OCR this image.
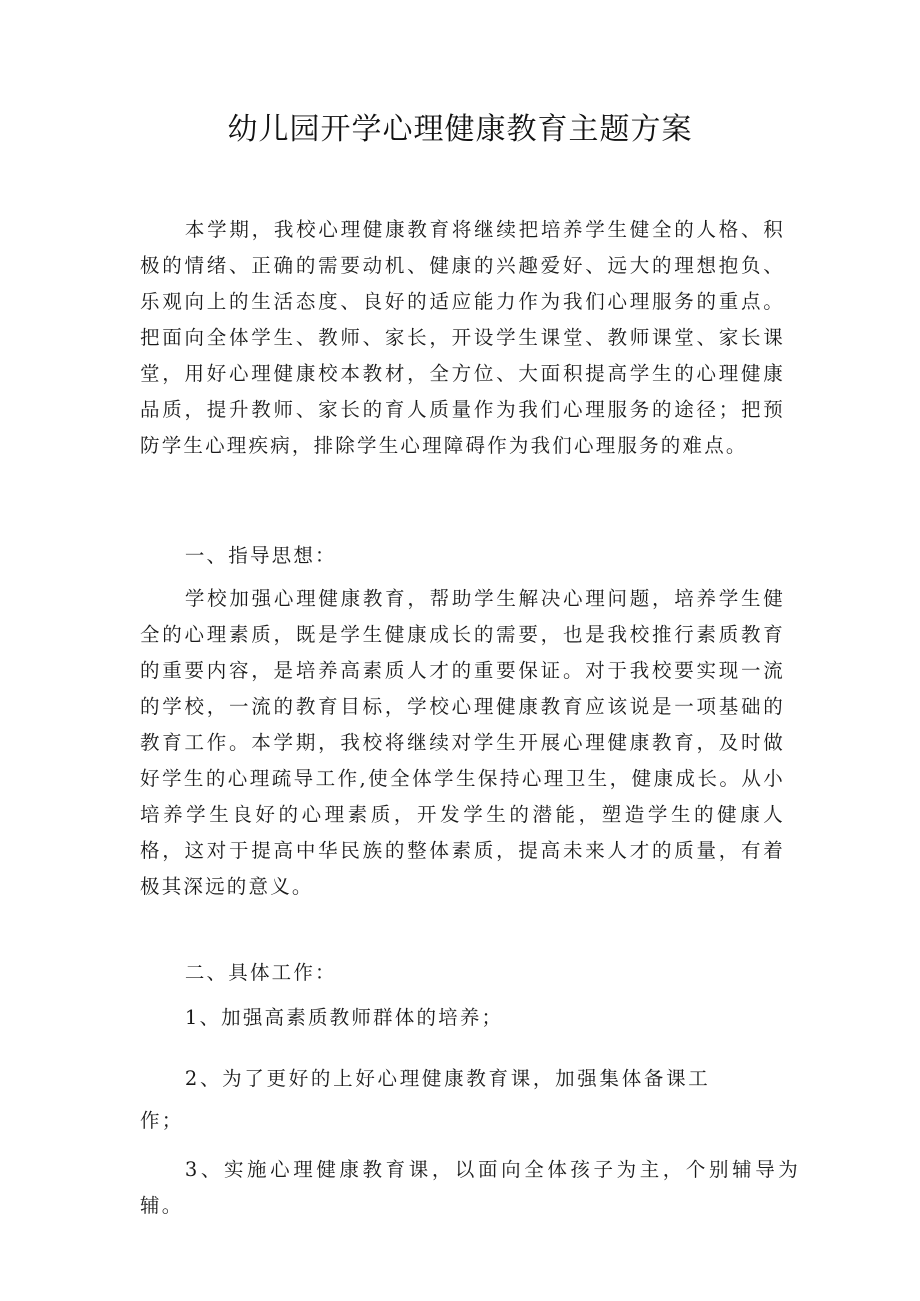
幼儿园开学心理健康教育主题方案

本学期，我校心理健康教育将继续把培养学生健全的人格、积极的情绪、正确的需要动机、健康的兴趣爱好、远大的理想抱负、乐观向上的生活态度、良好的适应能力作为我们心理服务的重点。把面向全体学生、教师、家长，开设学生课堂、教师课堂、家长课堂，用好心理健康校本教材，全方位、大面积提高学生的心理健康品质，提升教师、家长的育人质量作为我们心理服务的途径；把预防学生心理疾病，排除学生心理障碍作为我们心理服务的难点。

一、指导思想：

学校加强心理健康教育，帮助学生解决心理问题，培养学生健全的心理素质，既是学生健康成长的需要，也是我校推行素质教育的重要内容，是培养高素质人才的重要保证。对于我校要实现一流的学校，一流的教育目标，学校心理健康教育应该说是一项基础的教育工作。本学期，我校将继续对学生开展心理健康教育，及时做好学生的心理疏导工作,使全体学生保持心理卫生，健康成长。从小培养学生良好的心理素质，开发学生的潜能，塑造学生的健康人格，这对于提高中华民族的整体素质，提高未来人才的质量，有着极其深远的意义。

二、具体工作：

1、加强高素质教师群体的培养；

2、为了更好的上好心理健康教育课，加强集体备课工作；

3、实施心理健康教育课，以面向全体孩子为主，个别辅导为辅。
